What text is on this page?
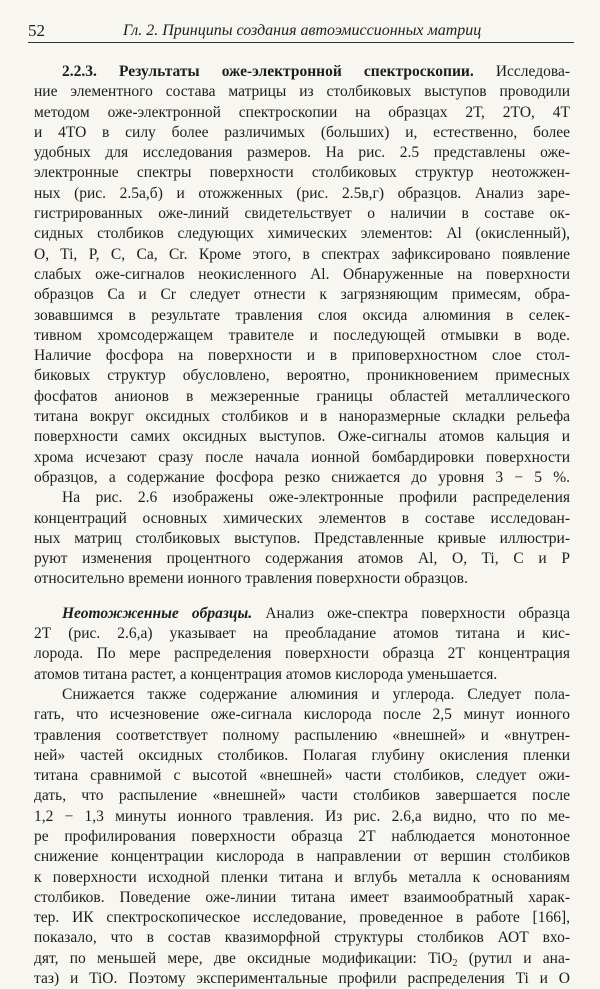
52	Гл. 2. Принципы создания автоэмиссионных матриц

2.2.3. Результаты оже-электронной спектроскопии. Исследова-
ние элементного состава матрицы из столбиковых выступов проводили
методом оже-электронной спектроскопии на образцах 2Т, 2ТО, 4Т
и 4ТО в силу более различимых (больших) и, естественно, более
удобных для исследования размеров. На рис. 2.5 представлены оже-
электронные спектры поверхности столбиковых структур неотожжен-
ных (рис. 2.5а,б) и отожженных (рис. 2.5в,г) образцов. Анализ заре-
гистрированных оже-линий свидетельствует о наличии в составе ок-
сидных столбиков следующих химических элементов: Al (окисленный),
O, Ti, P, C, Ca, Cr. Кроме этого, в спектрах зафиксировано появление
слабых оже-сигналов неокисленного Al. Обнаруженные на поверхности
образцов Ca и Cr следует отнести к загрязняющим примесям, обра-
зовавшимся в результате травления слоя оксида алюминия в селек-
тивном хромсодержащем травителе и последующей отмывки в воде.
Наличие фосфора на поверхности и в приповерхностном слое стол-
биковых структур обусловлено, вероятно, проникновением примесных
фосфатов анионов в межзеренные границы областей металлического
титана вокруг оксидных столбиков и в наноразмерные складки рельефа
поверхности самих оксидных выступов. Оже-сигналы атомов кальция и
хрома исчезают сразу после начала ионной бомбардировки поверхности
образцов, а содержание фосфора резко снижается до уровня 3 − 5 %.

На рис. 2.6 изображены оже-электронные профили распределения
концентраций основных химических элементов в составе исследован-
ных матриц столбиковых выступов. Представленные кривые иллюстри-
руют изменения процентного содержания атомов Al, O, Ti, C и P
относительно времени ионного травления поверхности образцов.

Неотожженные образцы. Анализ оже-спектра поверхности образца
2Т (рис. 2.6,а) указывает на преобладание атомов титана и кис-
лорода. По мере распределения поверхности образца 2Т концентрация
атомов титана растет, а концентрация атомов кислорода уменьшается.

Снижается также содержание алюминия и углерода. Следует пола-
гать, что исчезновение оже-сигнала кислорода после 2,5 минут ионного
травления соответствует полному распылению «внешней» и «внутрен-
ней» частей оксидных столбиков. Полагая глубину окисления пленки
титана сравнимой с высотой «внешней» части столбиков, следует ожи-
дать, что распыление «внешней» части столбиков завершается после
1,2 − 1,3 минуты ионного травления. Из рис. 2.6,а видно, что по ме-
ре профилирования поверхности образца 2Т наблюдается монотонное
снижение концентрации кислорода в направлении от вершин столбиков
к поверхности исходной пленки титана и вглубь металла к основаниям
столбиков. Поведение оже-линии титана имеет взаимообратный харак-
тер. ИК спектроскопическое исследование, проведенное в работе [166],
показало, что в состав квазиморфной структуры столбиков АОТ вхо-
дят, по меньшей мере, две оксидные модификации: TiO$_2$ (рутил и ана-
таз) и TiO. Поэтому экспериментальные профили распределения Ti и O
